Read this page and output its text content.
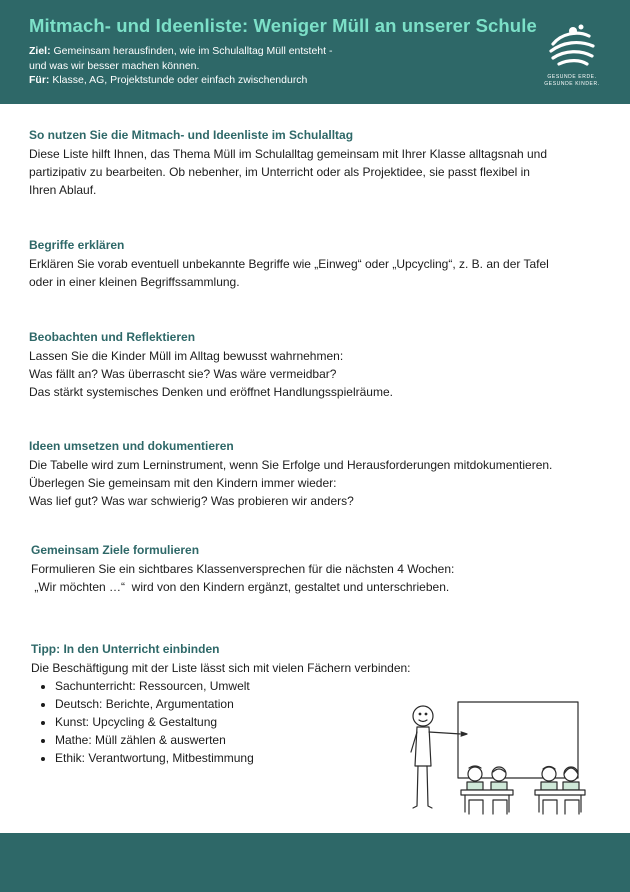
Mitmach- und Ideenliste: Weniger Müll an unserer Schule
Ziel: Gemeinsam herausfinden, wie im Schulalltag Müll entsteht -
und was wir besser machen können.
Für: Klasse, AG, Projektstunde oder einfach zwischendurch	GESUNDE ERDE.
GESUNDE KINDER.
So nutzen Sie die Mitmach- und Ideenliste im Schulalltag

Diese Liste hilft Ihnen, das Thema Müll im Schulalltag gemeinsam mit Ihrer Klasse alltagsnah und

partizipativ zu bearbeiten. Ob nebenher, im Unterricht oder als Projektidee, sie passt flexibel in

Ihren Ablauf.

Begriffe erklären

Erklären Sie vorab eventuell unbekannte Begriffe wie „Einweg“ oder „Upcycling“, z. B. an der Tafel

oder in einer kleinen Begriffssammlung.

Beobachten und Reflektieren

Lassen Sie die Kinder Müll im Alltag bewusst wahrnehmen:

Was fällt an? Was überrascht sie? Was wäre vermeidbar?

Das stärkt systemisches Denken und eröffnet Handlungsspielräume.

Ideen umsetzen und dokumentieren

Die Tabelle wird zum Lerninstrument, wenn Sie Erfolge und Herausforderungen mitdokumentieren.

Überlegen Sie gemeinsam mit den Kindern immer wieder:

Was lief gut? Was war schwierig? Was probieren wir anders?

Gemeinsam Ziele formulieren

Formulieren Sie ein sichtbares Klassenversprechen für die nächsten 4 Wochen:

„Wir möchten …“  wird von den Kindern ergänzt, gestaltet und unterschrieben.

Tipp: In den Unterricht einbinden

Die Beschäftigung mit der Liste lässt sich mit vielen Fächern verbinden:

• Sachunterricht: Ressourcen, Umwelt
• Deutsch: Berichte, Argumentation
• Kunst: Upcycling & Gestaltung
• Mathe: Müll zählen & auswerten
• Ethik: Verantwortung, Mitbestimmung
